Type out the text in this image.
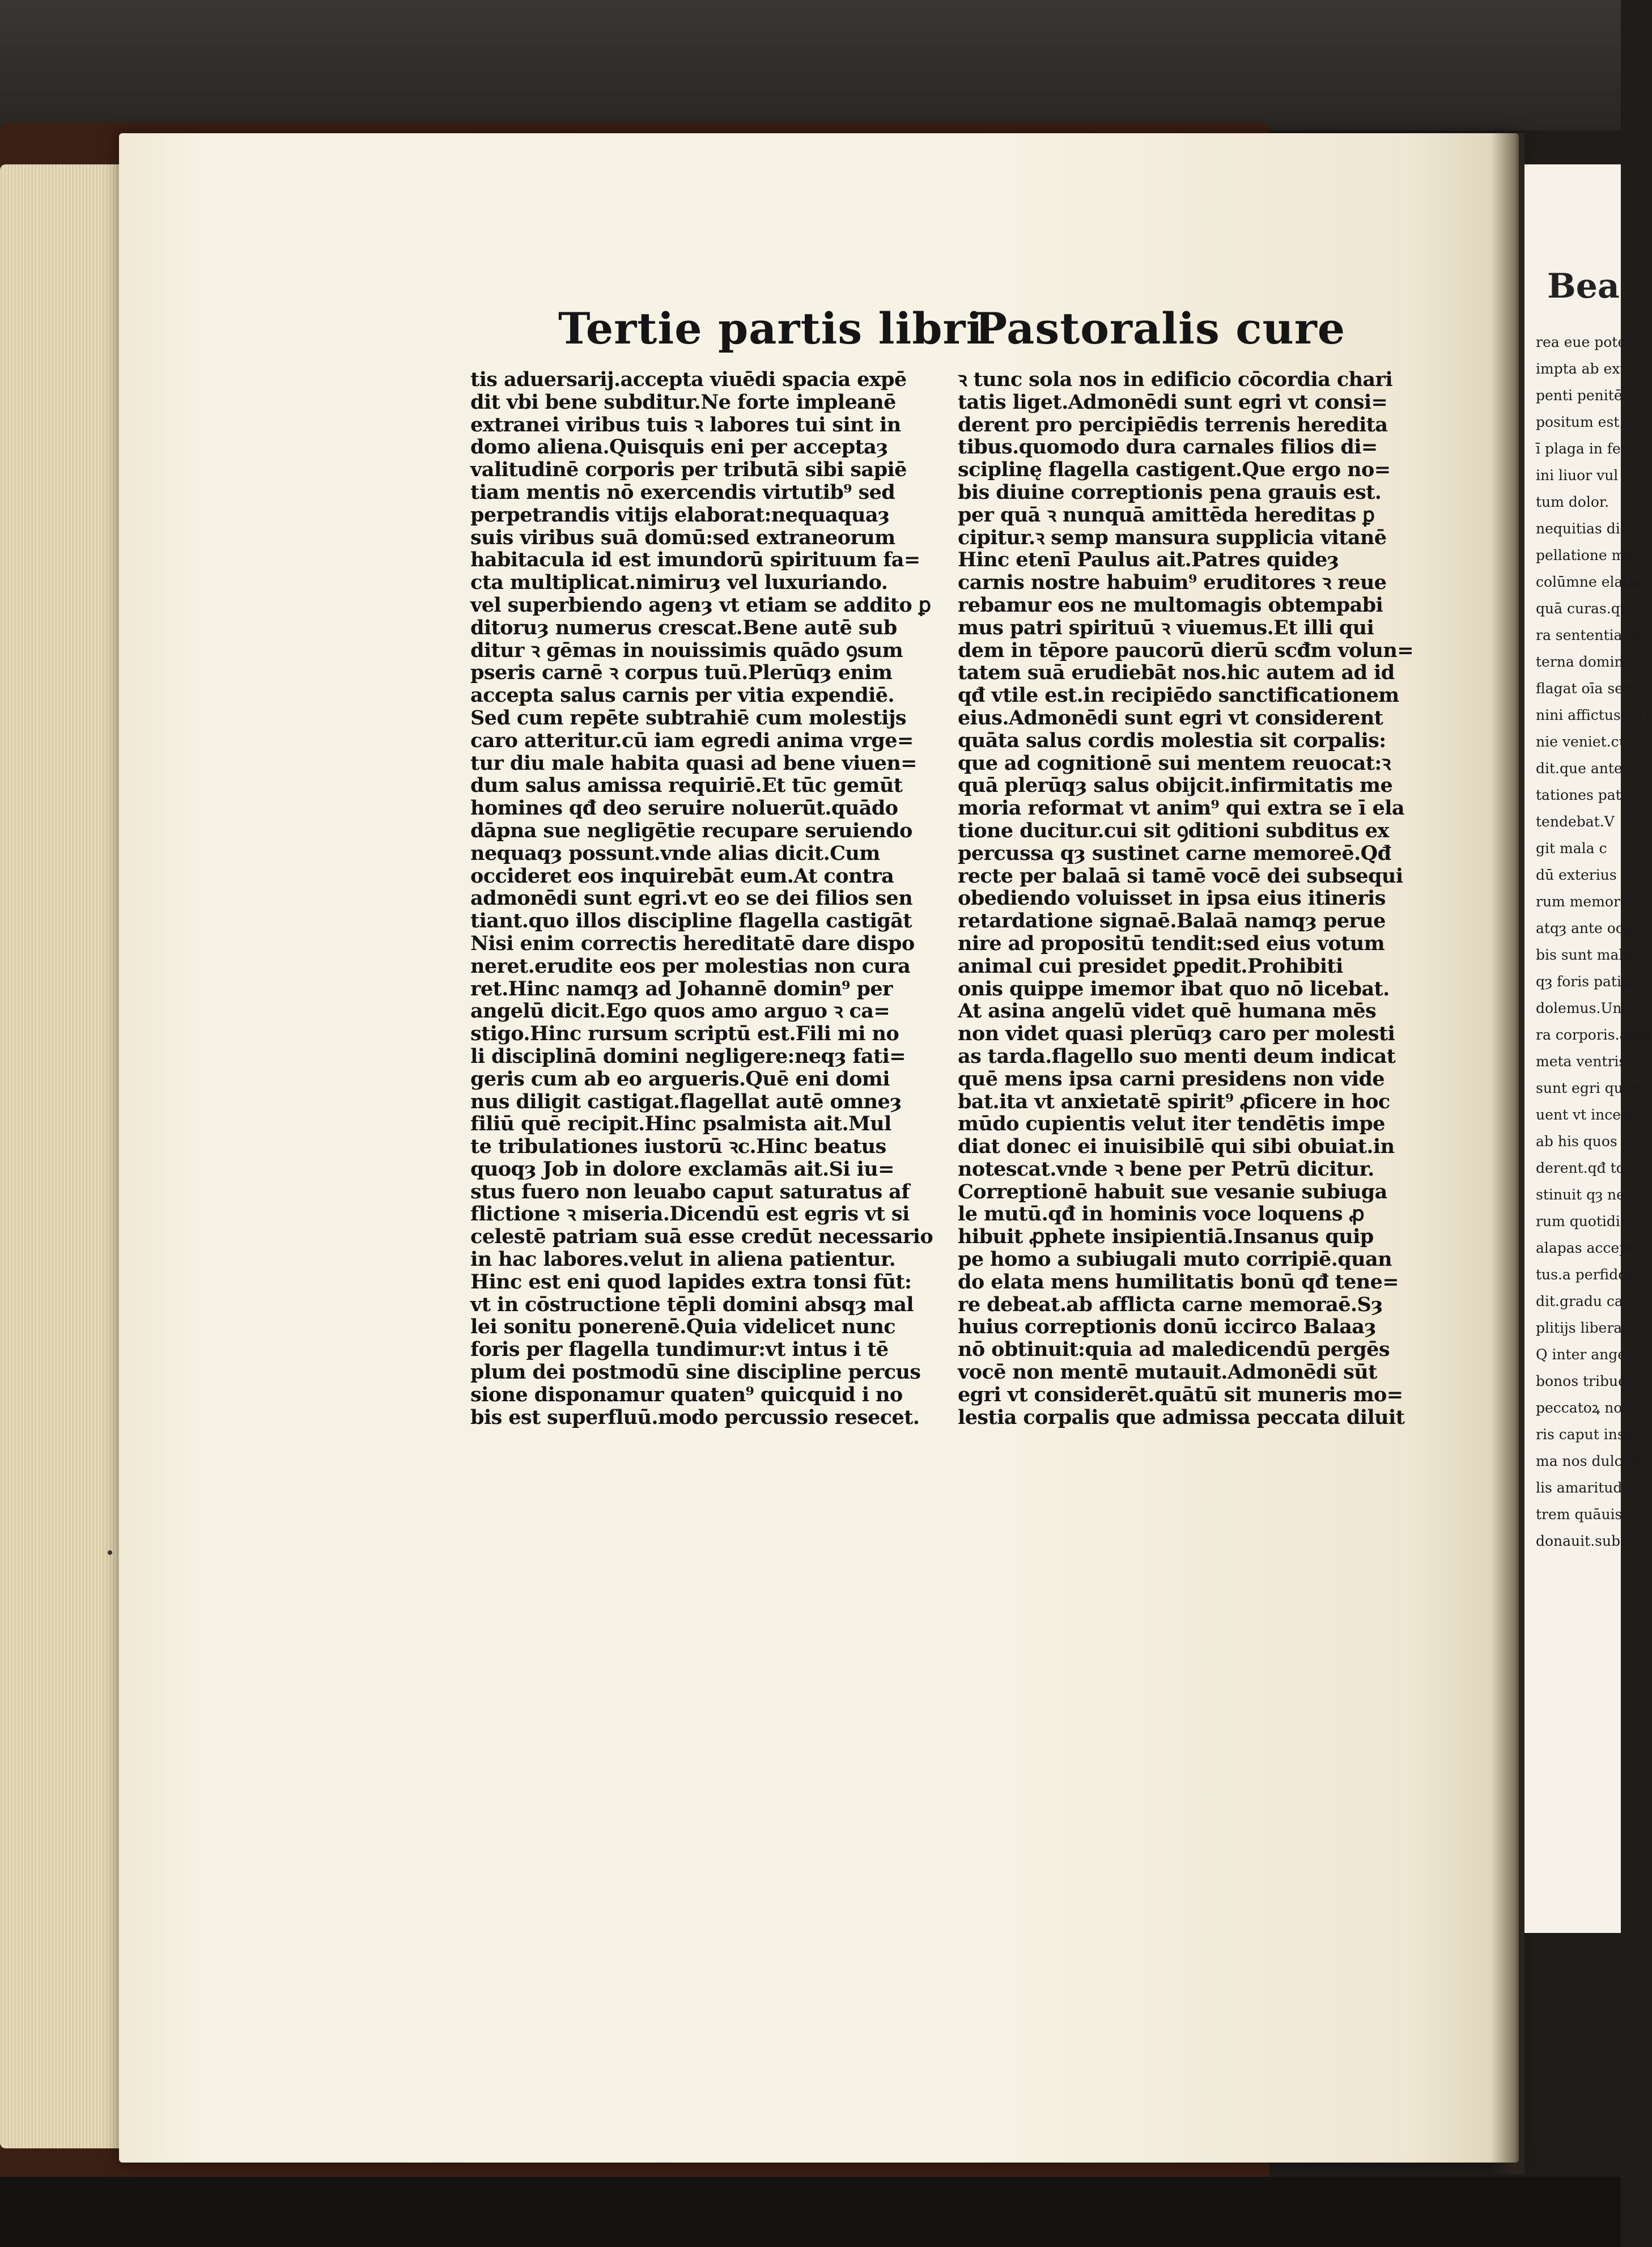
Tertie partis libri
Pastoralis cure
tis aduersarij.accepta viuēdi spacia expē
dit vbi bene subditur.Ne forte impleanē
extranei viribus tuis ꝛ labores tui sint in
domo aliena.Quisquis eni per acceptaȝ
valitudinē corporis per tributā sibi sapiē
tiam mentis nō exercendis virtutib⁹ sed
perpetrandis vitijs elaborat:nequaquaȝ
suis viribus suā domū:sed extraneorum
habitacula id est imundorū spirituum fa=
cta multiplicat.nimiruȝ vel luxuriando.
vel superbiendo agenȝ vt etiam se addito ꝑ
ditoruȝ numerus crescat.Bene autē sub
ditur ꝛ gēmas in nouissimis quādo ꝯsum
pseris carnē ꝛ corpus tuū.Plerūqȝ enim
accepta salus carnis per vitia expendiē.
Sed cum repēte subtrahiē cum molestijs
caro atteritur.cū iam egredi anima vrge=
tur diu male habita quasi ad bene viuen=
dum salus amissa requiriē.Et tūc gemūt
homines qđ deo seruire noluerūt.quādo
dāpna sue negligētie recupare seruiendo
nequaqȝ possunt.vnde alias dicit.Cum
occideret eos inquirebāt eum.At contra
admonēdi sunt egri.vt eo se dei filios sen
tiant.quo illos discipline flagella castigāt
Nisi enim correctis hereditatē dare dispo
neret.erudite eos per molestias non cura
ret.Hinc namqȝ ad Johannē domin⁹ per
angelū dicit.Ego quos amo arguo ꝛ ca=
stigo.Hinc rursum scriptū est.Fili mi no
li disciplinā domini negligere:neqȝ fati=
geris cum ab eo argueris.Quē eni domi
nus diligit castigat.flagellat autē omneȝ
filiū quē recipit.Hinc psalmista ait.Mul
te tribulationes iustorū ꝛc.Hinc beatus
quoqȝ Job in dolore exclamās ait.Si iu=
stus fuero non leuabo caput saturatus af
flictione ꝛ miseria.Dicendū est egris vt si
celestē patriam suā esse credūt necessario
in hac labores.velut in aliena patientur.
Hinc est eni quod lapides extra tonsi fūt:
vt in cōstructione tēpli domini absqȝ mal
lei sonitu ponerenē.Quia videlicet nunc
foris per flagella tundimur:vt intus i tē
plum dei postmodū sine discipline percus
sione disponamur quaten⁹ quicquid i no
bis est superfluū.modo percussio resecet.
ꝛ tunc sola nos in edificio cōcordia chari
tatis liget.Admonēdi sunt egri vt consi=
derent pro percipiēdis terrenis heredita
tibus.quomodo dura carnales filios di=
sciplinę flagella castigent.Que ergo no=
bis diuine correptionis pena grauis est.
per quā ꝛ nunquā amittēda hereditas ꝑ
cipitur.ꝛ semp mansura supplicia vitanē
Hinc etenī Paulus ait.Patres quideȝ
carnis nostre habuim⁹ eruditores ꝛ reue
rebamur eos ne multomagis obtempabi
mus patri spirituū ꝛ viuemus.Et illi qui
dem in tēpore paucorū dierū scđm volun=
tatem suā erudiebāt nos.hic autem ad id
qđ vtile est.in recipiēdo sanctificationem
eius.Admonēdi sunt egri vt considerent
quāta salus cordis molestia sit corpalis:
que ad cognitionē sui mentem reuocat:ꝛ
quā plerūqȝ salus obijcit.infirmitatis me
moria reformat vt anim⁹ qui extra se ī ela
tione ducitur.cui sit ꝯditioni subditus ex
percussa qȝ sustinet carne memoreē.Qđ
recte per balaā si tamē vocē dei subsequi
obediendo voluisset in ipsa eius itineris
retardatione signaē.Balaā namqȝ perue
nire ad propositū tendit:sed eius votum
animal cui presidet ꝑpedit.Prohibiti
onis quippe imemor ibat quo nō licebat.
At asina angelū videt quē humana mēs
non videt quasi plerūqȝ caro per molesti
as tarda.flagello suo menti deum indicat
quē mens ipsa carni presidens non vide
bat.ita vt anxietatē spirit⁹ ꝓficere in hoc
mūdo cupientis velut iter tendētis impe
diat donec ei inuisibilē qui sibi obuiat.in
notescat.vnde ꝛ bene per Petrū dicitur.
Correptionē habuit sue vesanie subiuga
le mutū.qđ in hominis voce loquens ꝓ
hibuit ꝓphete insipientiā.Insanus quip
pe homo a subiugali muto corripiē.quan
do elata mens humilitatis bonū qđ tene=
re debeat.ab afflicta carne memoraē.Sȝ
huius correptionis donū iccirco Balaaȝ
nō obtinuit:quia ad maledicendū pergēs
vocē non mentē mutauit.Admonēdi sūt
egri vt considerēt.quātū sit muneris mo=
lestia corpalis que admissa peccata diluit
Bea
rea eue poteri
impta ab ext
penti penitē
positum est.Vn
ī plaga in fec
ini liuor vul
tum dolor.
nequitias di
pellatione me
colūmne elatus
quā curas.qui
ra sententia do
terna domini
flagat oīa secret
nini affictus illi
nie veniet.cū
dit.que ante
tationes patimu
tendebat.V
git mala c
dū exterius
rum memori
atqȝ ante ocu
bis sunt male
qȝ foris patimu
dolemus.Unde
ra corporis.amp
meta ventris ꝯs
sunt egri quate
uent vt incessa
ab his quos
derent.qđ to
stinuit qȝ ne
rum quotidie
alapas accepi
tus.a perfidor
dit.gradu cati
plitijs liberare.
Q inter angelor
bonos tribuere
peccatoꝝ nos
ris caput inspu
ma nos dulced
lis amaritudin
trem quāuis
donauit.sub
